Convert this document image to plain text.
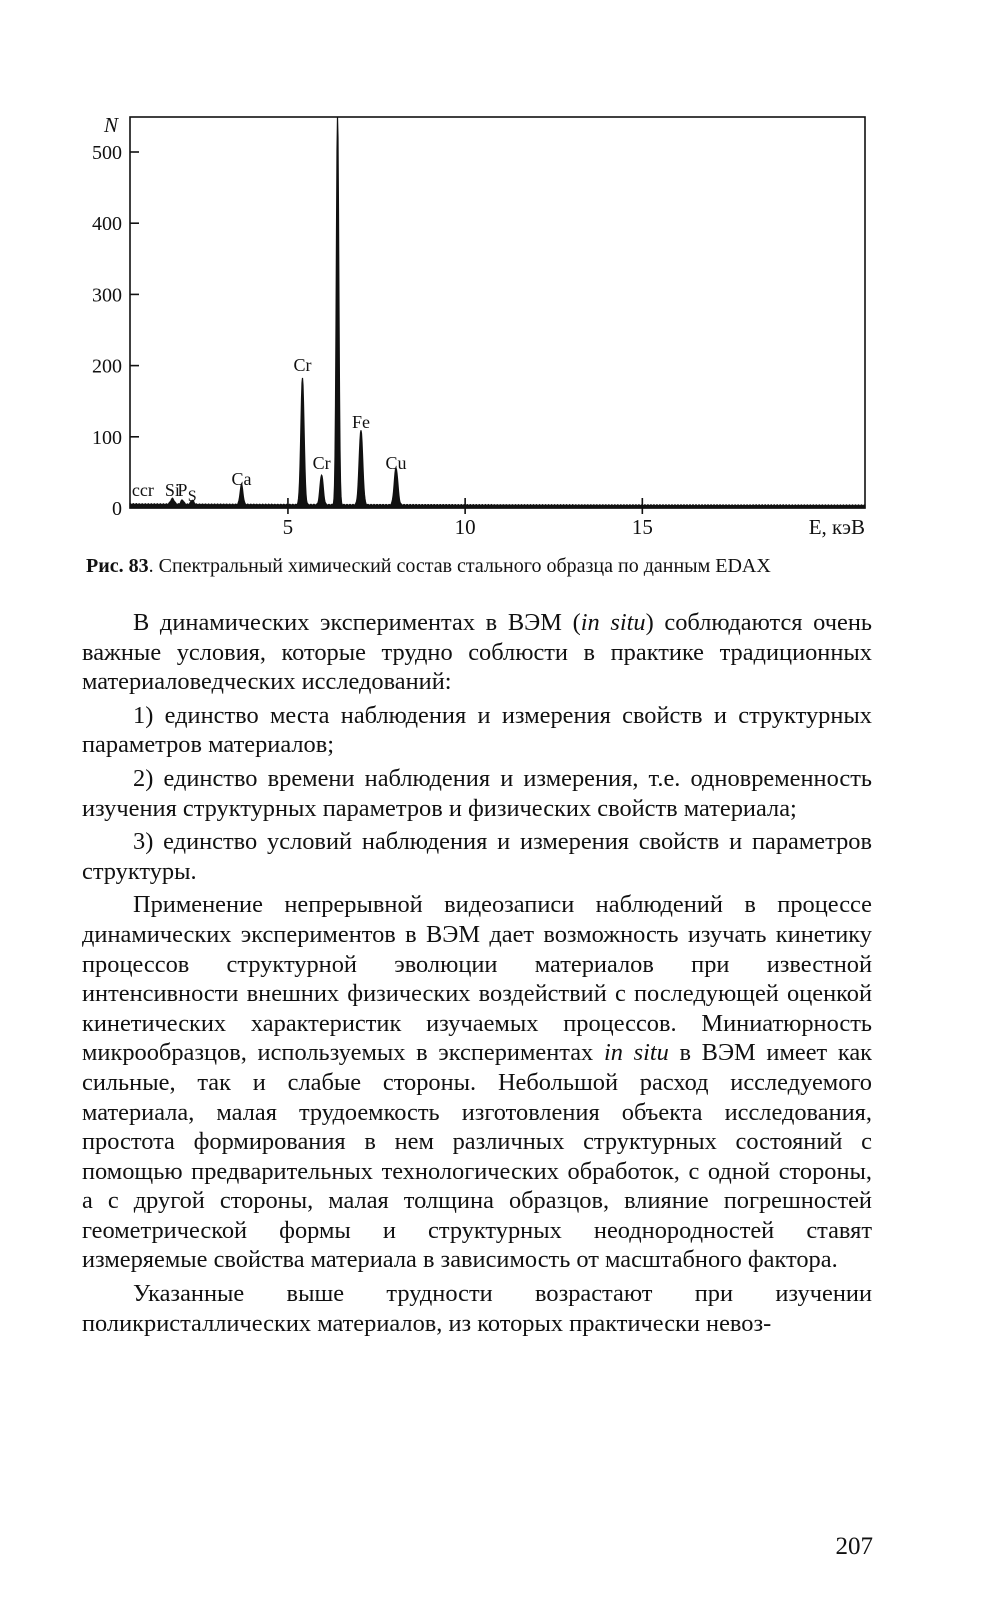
0
100
200
300
400
500
5	10	15
N
E, кэВ
ccr Si
P S
Ca
Cr
Cr
Fe
Cu
Рис. 83. Спектральный химический состав стального образца по данным EDAX

В динамических экспериментах в ВЭМ (in situ) соблюдаются очень важные условия, которые трудно соблюсти в практике традиционных материаловедческих исследований:

1) единство места наблюдения и измерения свойств и структурных параметров материалов;

2) единство времени наблюдения и измерения, т.е. одновременность изучения структурных параметров и физических свойств материала;

3) единство условий наблюдения и измерения свойств и параметров структуры.

Применение непрерывной видеозаписи наблюдений в процессе динамических экспериментов в ВЭМ дает возможность изучать кинетику процессов структурной эволюции материалов при известной интенсивности внешних физических воздействий с последующей оценкой кинетических характеристик изучаемых процессов. Миниатюрность микрообразцов, используемых в экспериментах in situ в ВЭМ имеет как сильные, так и слабые стороны. Небольшой расход исследуемого материала, малая трудоемкость изготовления объекта исследования, простота формирования в нем различных структурных состояний с помощью предварительных технологических обработок, с одной стороны, а с другой стороны, малая толщина образцов, влияние погрешностей геометрической формы и структурных неоднородностей ставят измеряемые свойства материала в зависимость от масштабного фактора.

Указанные выше трудности возрастают при изучении поликристаллических материалов, из которых практически невоз-

207
